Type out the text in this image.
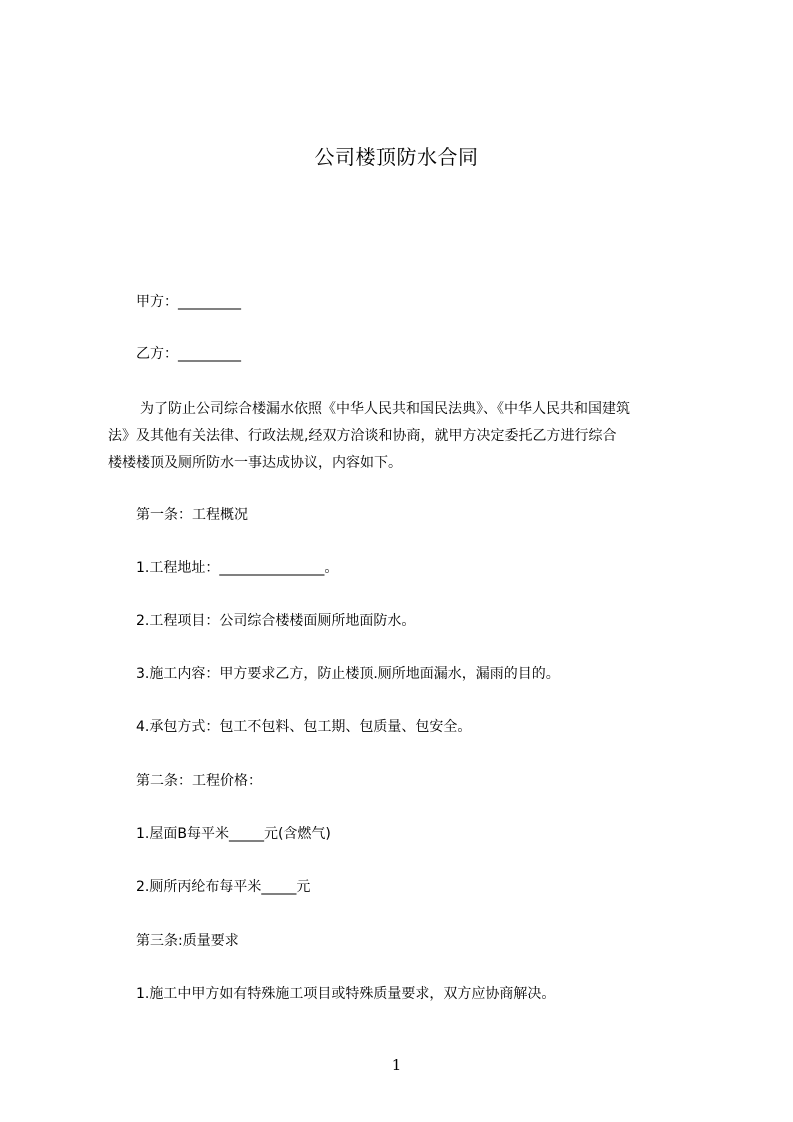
公司楼顶防水合同
甲方：_________
乙方：_________
为了防止公司综合楼漏水依照《中华人民共和国民法典》、《中华人民共和国建筑
法》及其他有关法律、行政法规,经双方洽谈和协商，就甲方决定委托乙方进行综合
楼楼楼顶及厕所防水一事达成协议，内容如下。
第一条：工程概况
1.工程地址：_______________。
2.工程项目：公司综合楼楼面厕所地面防水。
3.施工内容：甲方要求乙方，防止楼顶.厕所地面漏水，漏雨的目的。
4.承包方式：包工不包料、包工期、包质量、包安全。
第二条：工程价格：
1.屋面B每平米_____元(含燃气)
2.厕所丙纶布每平米_____元
第三条:质量要求
1.施工中甲方如有特殊施工项目或特殊质量要求，双方应协商解决。
1
